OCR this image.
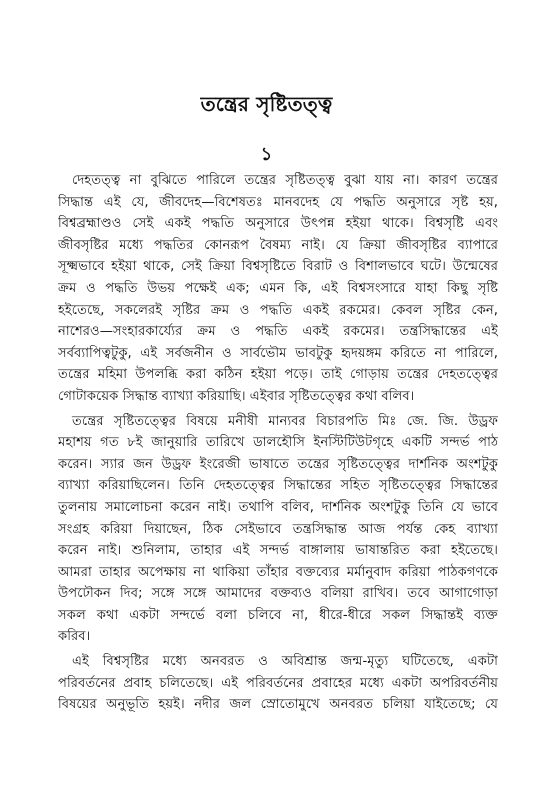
তন্ত্রের সৃষ্টিতত্ত্ব
১
দেহতত্ত্ব না বুঝিতে পারিলে তন্ত্রের সৃষ্টিতত্ত্ব বুঝা যায় না। কারণ তন্ত্রের
সিদ্ধান্ত এই যে, জীবদেহ—বিশেষতঃ মানবদেহ যে পদ্ধতি অনুসারে সৃষ্ট হয়,
বিশ্বব্রহ্মাণ্ডও সেই একই পদ্ধতি অনুসারে উৎপন্ন হইয়া থাকে। বিশ্বসৃষ্টি এবং
জীবসৃষ্টির মধ্যে পদ্ধতির কোনরূপ বৈষম্য নাই। যে ক্রিয়া জীবসৃষ্টির ব্যাপারে
সূক্ষ্মভাবে হইয়া থাকে, সেই ক্রিয়া বিশ্বসৃষ্টিতে বিরাট ও বিশালভাবে ঘটে। উন্মেষের
ক্রম ও পদ্ধতি উভয় পক্ষেই এক; এমন কি, এই বিশ্বসংসারে যাহা কিছু সৃষ্টি
হইতেছে, সকলেরই সৃষ্টির ক্রম ও পদ্ধতি একই রকমের। কেবল সৃষ্টির কেন,
নাশেরও—সংহারকার্য্যের ক্রম ও পদ্ধতি একই রকমের। তন্ত্রসিদ্ধান্তের এই
সর্বব্যাপিত্বটুকু, এই সর্বজনীন ও সার্বভৌম ভাবটুকু হৃদয়ঙ্গম করিতে না পারিলে,
তন্ত্রের মহিমা উপলব্ধি করা কঠিন হইয়া পড়ে। তাই গোড়ায় তন্ত্রের দেহতত্ত্বের
গোটাকয়েক সিদ্ধান্ত ব্যাখ্যা করিয়াছি। এইবার সৃষ্টিতত্ত্বের কথা বলিব।
তন্ত্রের সৃষ্টিতত্ত্বের বিষয়ে মনীষী মান্যবর বিচারপতি মিঃ জে. জি. উড্রফ
মহাশয় গত ৮ই জানুয়ারি তারিখে ডালহৌসি ইনস্টিটিউটগৃহে একটি সন্দর্ভ পাঠ
করেন। স্যার জন উড্রফ ইংরেজী ভাষাতে তন্ত্রের সৃষ্টিতত্ত্বের দার্শনিক অংশটুকু
ব্যাখ্যা করিয়াছিলেন। তিনি দেহতত্ত্বের সিদ্ধান্তের সহিত সৃষ্টিতত্ত্বের সিদ্ধান্তের
তুলনায় সমালোচনা করেন নাই। তথাপি বলিব, দার্শনিক অংশটুকু তিনি যে ভাবে
সংগ্রহ করিয়া দিয়াছেন, ঠিক সেইভাবে তন্ত্রসিদ্ধান্ত আজ পর্যন্ত কেহ ব্যাখ্যা
করেন নাই। শুনিলাম, তাহার এই সন্দর্ভ বাঙ্গালায় ভাষান্তরিত করা হইতেছে।
আমরা তাহার অপেক্ষায় না থাকিয়া তাঁহার বক্তব্যের মর্মানুবাদ করিয়া পাঠকগণকে
উপঢৌকন দিব; সঙ্গে সঙ্গে আমাদের বক্তব্যও বলিয়া রাখিব। তবে আগাগোড়া
সকল কথা একটা সন্দর্ভে বলা চলিবে না, ধীরে-ধীরে সকল সিদ্ধান্তই ব্যক্ত
করিব।
এই বিশ্বসৃষ্টির মধ্যে অনবরত ও অবিশ্রান্ত জন্ম-মৃত্যু ঘটিতেছে, একটা
পরিবর্তনের প্রবাহ চলিতেছে। এই পরিবর্তনের প্রবাহের মধ্যে একটা অপরিবর্তনীয়
বিষয়ের অনুভূতি হয়ই। নদীর জল স্রোতোমুখে অনবরত চলিয়া যাইতেছে; যে
